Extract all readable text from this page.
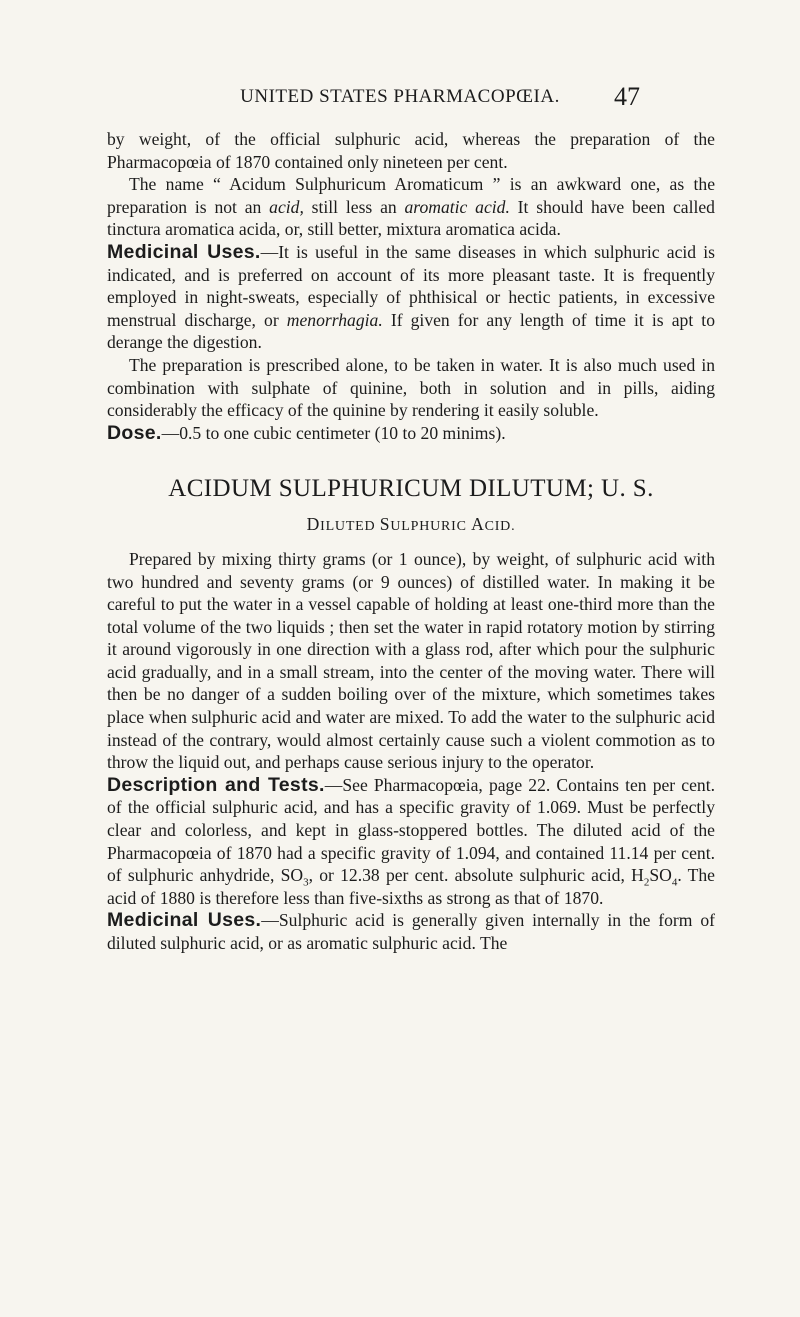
UNITED STATES PHARMACOPŒIA.	47

by weight, of the official sulphuric acid, whereas the preparation of the Pharmacopœia of 1870 contained only nineteen per cent.

The name “ Acidum Sulphuricum Aromaticum ” is an awkward one, as the preparation is not an acid, still less an aromatic acid. It should have been called tinctura aromatica acida, or, still better, mixtura aromatica acida.

Medicinal Uses.—It is useful in the same diseases in which sulphuric acid is indicated, and is preferred on account of its more pleasant taste. It is frequently employed in night-sweats, especially of phthisical or hectic patients, in excessive menstrual discharge, or menorrhagia. If given for any length of time it is apt to derange the digestion.

The preparation is prescribed alone, to be taken in water. It is also much used in combination with sulphate of quinine, both in solution and in pills, aiding considerably the efficacy of the quinine by rendering it easily soluble.

Dose.—0.5 to one cubic centimeter (10 to 20 minims).

ACIDUM SULPHURICUM DILUTUM; U. S.
DILUTED SULPHURIC ACID.

Prepared by mixing thirty grams (or 1 ounce), by weight, of sulphuric acid with two hundred and seventy grams (or 9 ounces) of distilled water. In making it be careful to put the water in a vessel capable of holding at least one-third more than the total volume of the two liquids ; then set the water in rapid rotatory motion by stirring it around vigorously in one direction with a glass rod, after which pour the sulphuric acid gradually, and in a small stream, into the center of the moving water. There will then be no danger of a sudden boiling over of the mixture, which sometimes takes place when sulphuric acid and water are mixed. To add the water to the sulphuric acid instead of the contrary, would almost certainly cause such a violent commotion as to throw the liquid out, and perhaps cause serious injury to the operator.

Description and Tests.—See Pharmacopœia, page 22. Contains ten per cent. of the official sulphuric acid, and has a specific gravity of 1.069. Must be perfectly clear and colorless, and kept in glass-stoppered bottles. The diluted acid of the Pharmacopœia of 1870 had a specific gravity of 1.094, and contained 11.14 per cent. of sulphuric anhydride, $SO_3$, or 12.38 per cent. absolute sulphuric acid, $H_2SO_4$. The acid of 1880 is therefore less than five-sixths as strong as that of 1870.

Medicinal Uses.—Sulphuric acid is generally given internally in the form of diluted sulphuric acid, or as aromatic sulphuric acid. The
